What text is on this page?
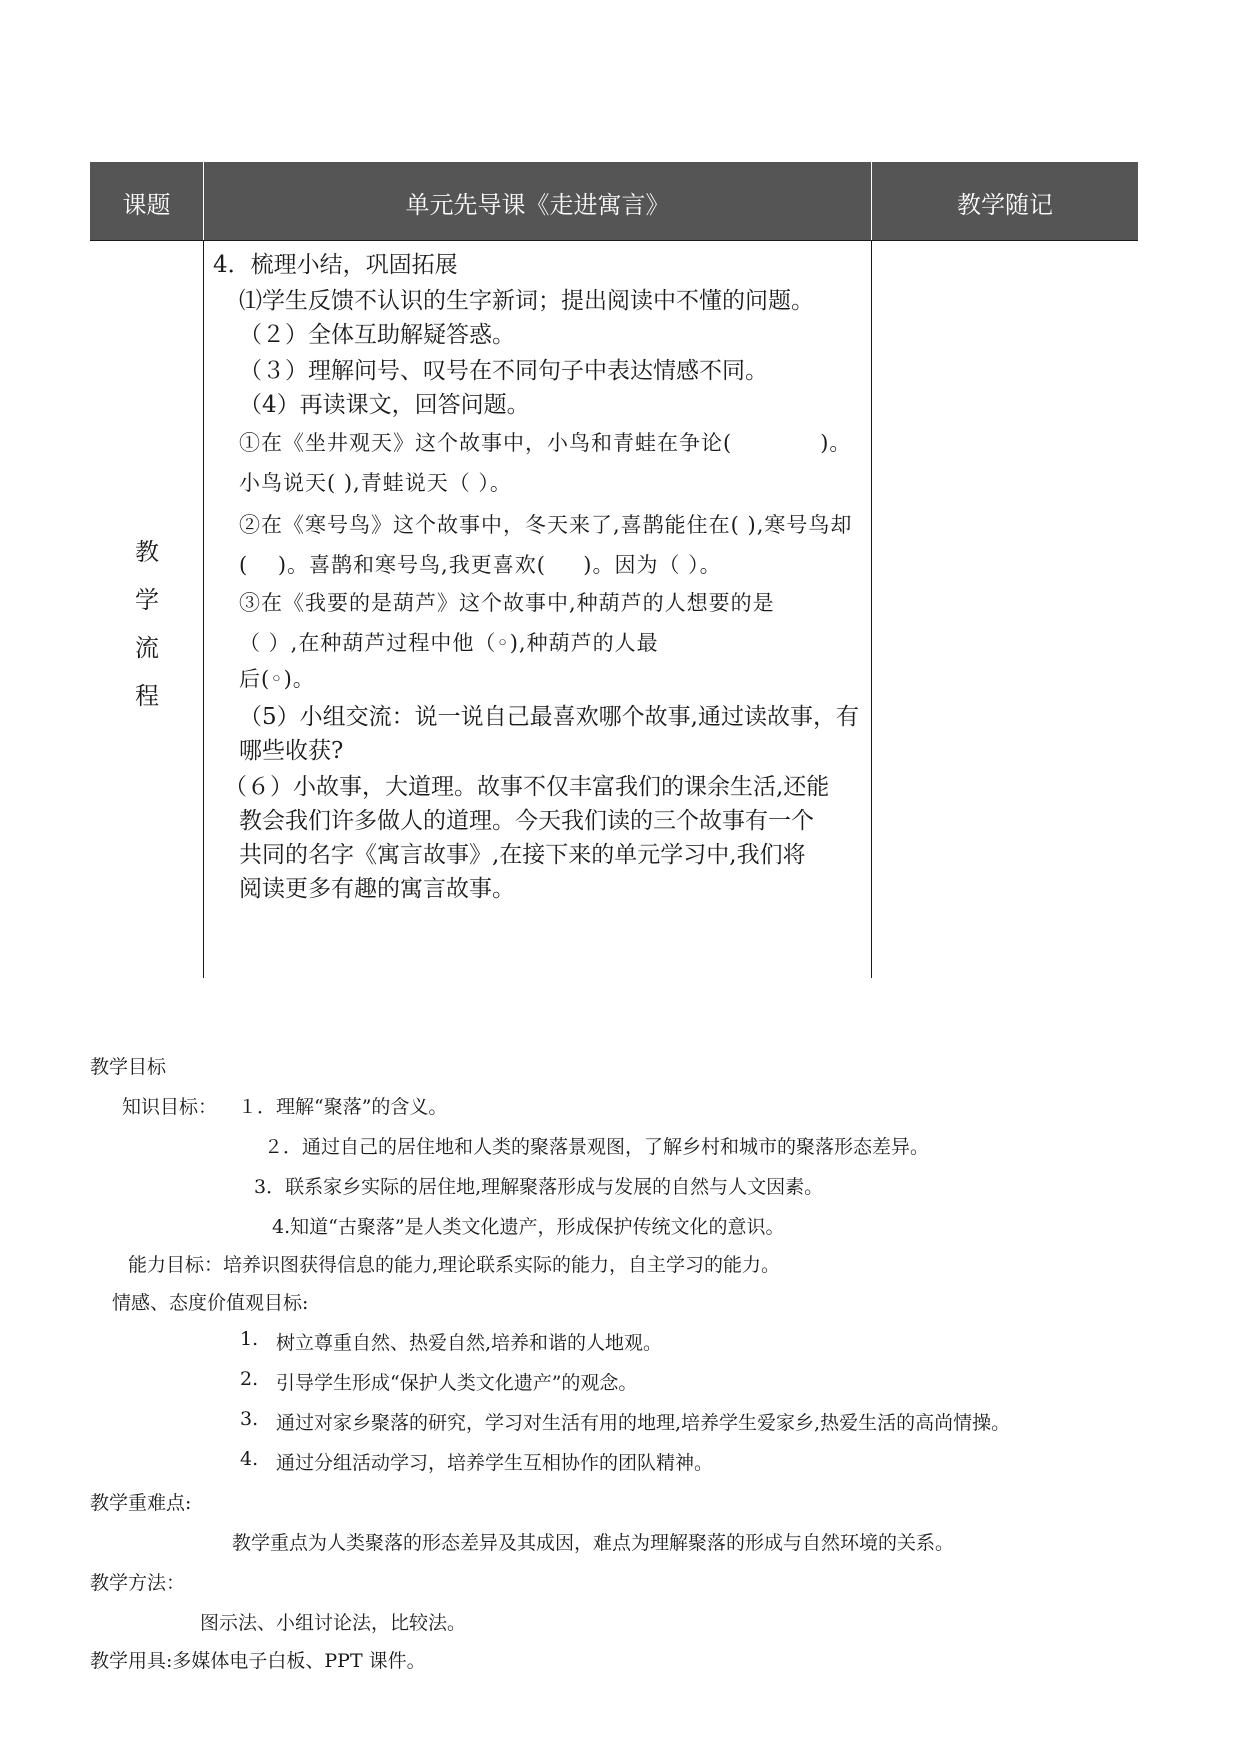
课题	单元先导课《走进寓言》	教学随记
教
学
流
程
4．梳理小结，巩固拓展
⑴学生反馈不认识的生字新词；提出阅读中不懂的问题。
（２）全体互助解疑答惑。
（３）理解问号、叹号在不同句子中表达情感不同。
（4）再读课文，回答问题。
①在《坐井观天》这个故事中，小鸟和青蛙在争论(　　　　)。
小鸟说天( ),青蛙说天（ ）。
②在《寒号鸟》这个故事中，冬天来了,喜鹊能住在( ),寒号鸟却
( 　)。喜鹊和寒号鸟,我更喜欢( 　 )。因为（ ）。
③在《我要的是葫芦》这个故事中,种葫芦的人想要的是
（ ）,在种葫芦过程中他（◦),种葫芦的人最
后(◦)。
（5）小组交流：说一说自己最喜欢哪个故事,通过读故事，有
哪些收获?
（６）小故事，大道理。故事不仅丰富我们的课余生活,还能
教会我们许多做人的道理。今天我们读的三个故事有一个
共同的名字《寓言故事》,在接下来的单元学习中,我们将
阅读更多有趣的寓言故事。
教学目标
知识目标： １．理解“聚落”的含义。
２．通过自己的居住地和人类的聚落景观图，了解乡村和城市的聚落形态差异。
3．联系家乡实际的居住地,理解聚落形成与发展的自然与人文因素。
4.知道“古聚落”是人类文化遗产，形成保护传统文化的意识。
能力目标：培养识图获得信息的能力,理论联系实际的能力，自主学习的能力。
情感、态度价值观目标:
1. 树立尊重自然、热爱自然,培养和谐的人地观。
2. 引导学生形成“保护人类文化遗产”的观念。
3. 通过对家乡聚落的研究，学习对生活有用的地理,培养学生爱家乡,热爱生活的高尚情操。
4. 通过分组活动学习，培养学生互相协作的团队精神。
教学重难点:
教学重点为人类聚落的形态差异及其成因，难点为理解聚落的形成与自然环境的关系。
教学方法：
图示法、小组讨论法，比较法。
教学用具:多媒体电子白板、PPT 课件。
